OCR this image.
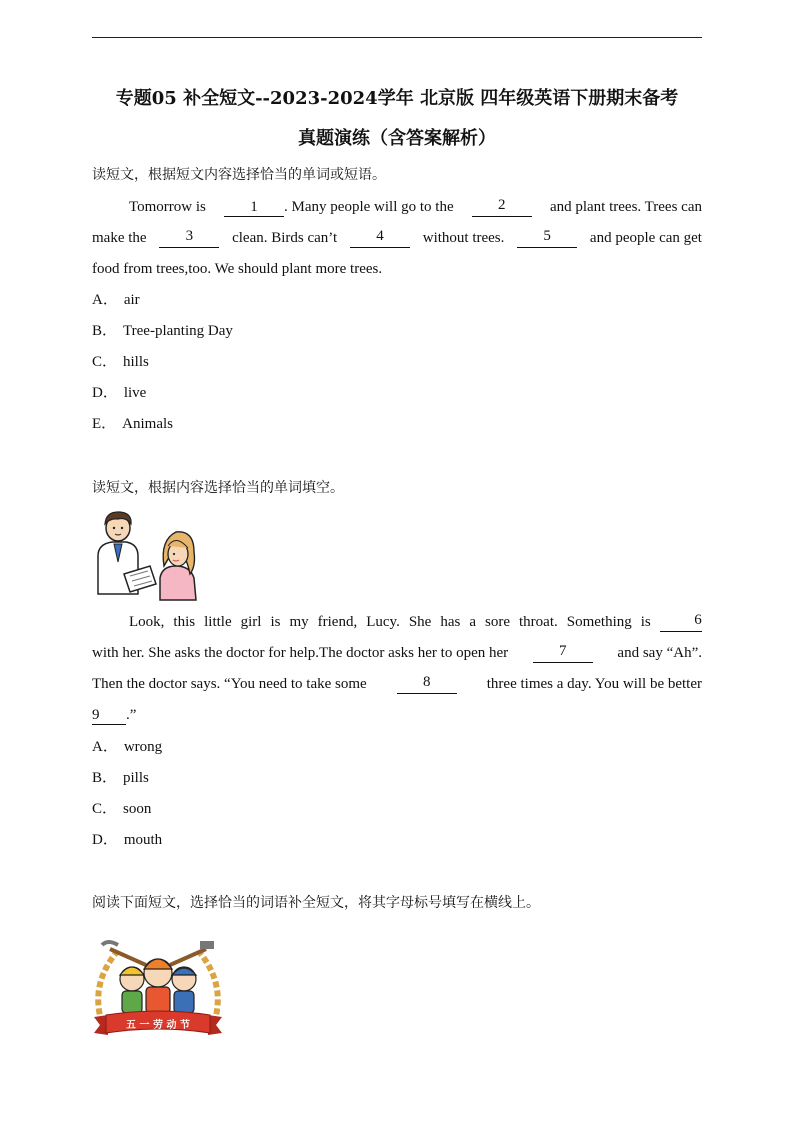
专题05 补全短文--2023-2024学年 北京版 四年级英语下册期末备考
真题演练（含答案解析）
读短文，根据短文内容选择恰当的单词或短语。
Tomorrow is	1 . Many people will go to the	2	and plant trees. Trees can
make the	3	clean. Birds can’t	4	without trees.	5	and people can get
food from trees,too. We should plant more trees.
A． air
B． Tree-planting Day
C． hills
D． live
E． Animals
读短文，根据内容选择恰当的单词填空。
Look, this little girl is my friend, Lucy. She has a sore throat. Something is	6
with her. She asks the doctor for help.The doctor asks her to open her	7	and say “Ah”.
Then the doctor says. “You need to take some	8	three times a day. You will be better
9 .”
A． wrong
B． pills
C． soon
D． mouth
阅读下面短文，选择恰当的词语补全短文，将其字母标号填写在横线上。
五 一 劳 动 节
